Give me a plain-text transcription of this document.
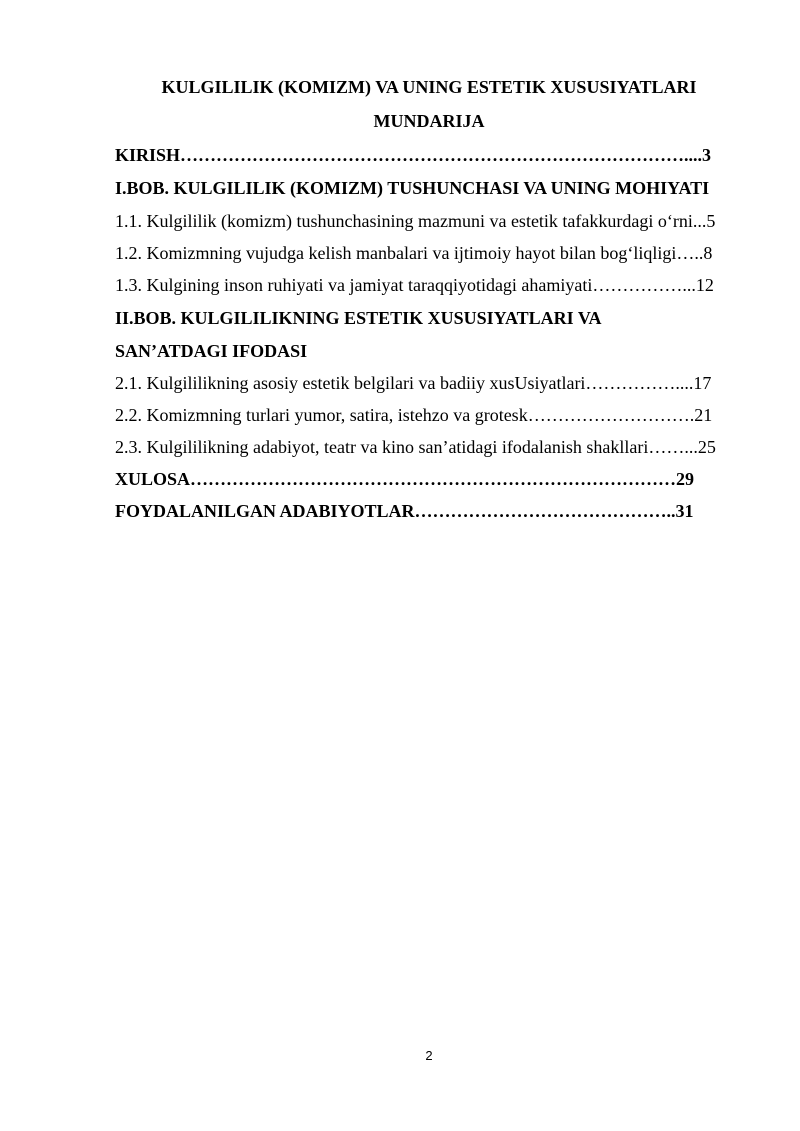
KULGILILIK (KOMIZM) VA UNING ESTETIK XUSUSIYATLARI
MUNDARIJA
KIRISH…………………………………………………………………………....3
I.BOB. KULGILILIK (KOMIZM) TUSHUNCHASI VA UNING MOHIYATI
1.1. Kulgililik (komizm) tushunchasining mazmuni va estetik tafakkurdagi o‘rni...5
1.2. Komizmning vujudga kelish manbalari va ijtimoiy hayot bilan bog‘liqligi…..8
1.3. Kulgining inson ruhiyati va jamiyat taraqqiyotidagi ahamiyati……………...12
II.BOB. KULGILILIKNING ESTETIK XUSUSIYATLARI VA
SAN’ATDAGI IFODASI
2.1. Kulgililikning asosiy estetik belgilari va badiiy xusUsiyatlari……………....17
2.2. Komizmning turlari yumor, satira, istehzo va grotesk……………………….21
2.3. Kulgililikning adabiyot, teatr va kino san’atidagi ifodalanish shakllari……...25
XULOSA………………………………………………………………………29
FOYDALANILGAN ADABIYOTLAR……………………………………..31
2
